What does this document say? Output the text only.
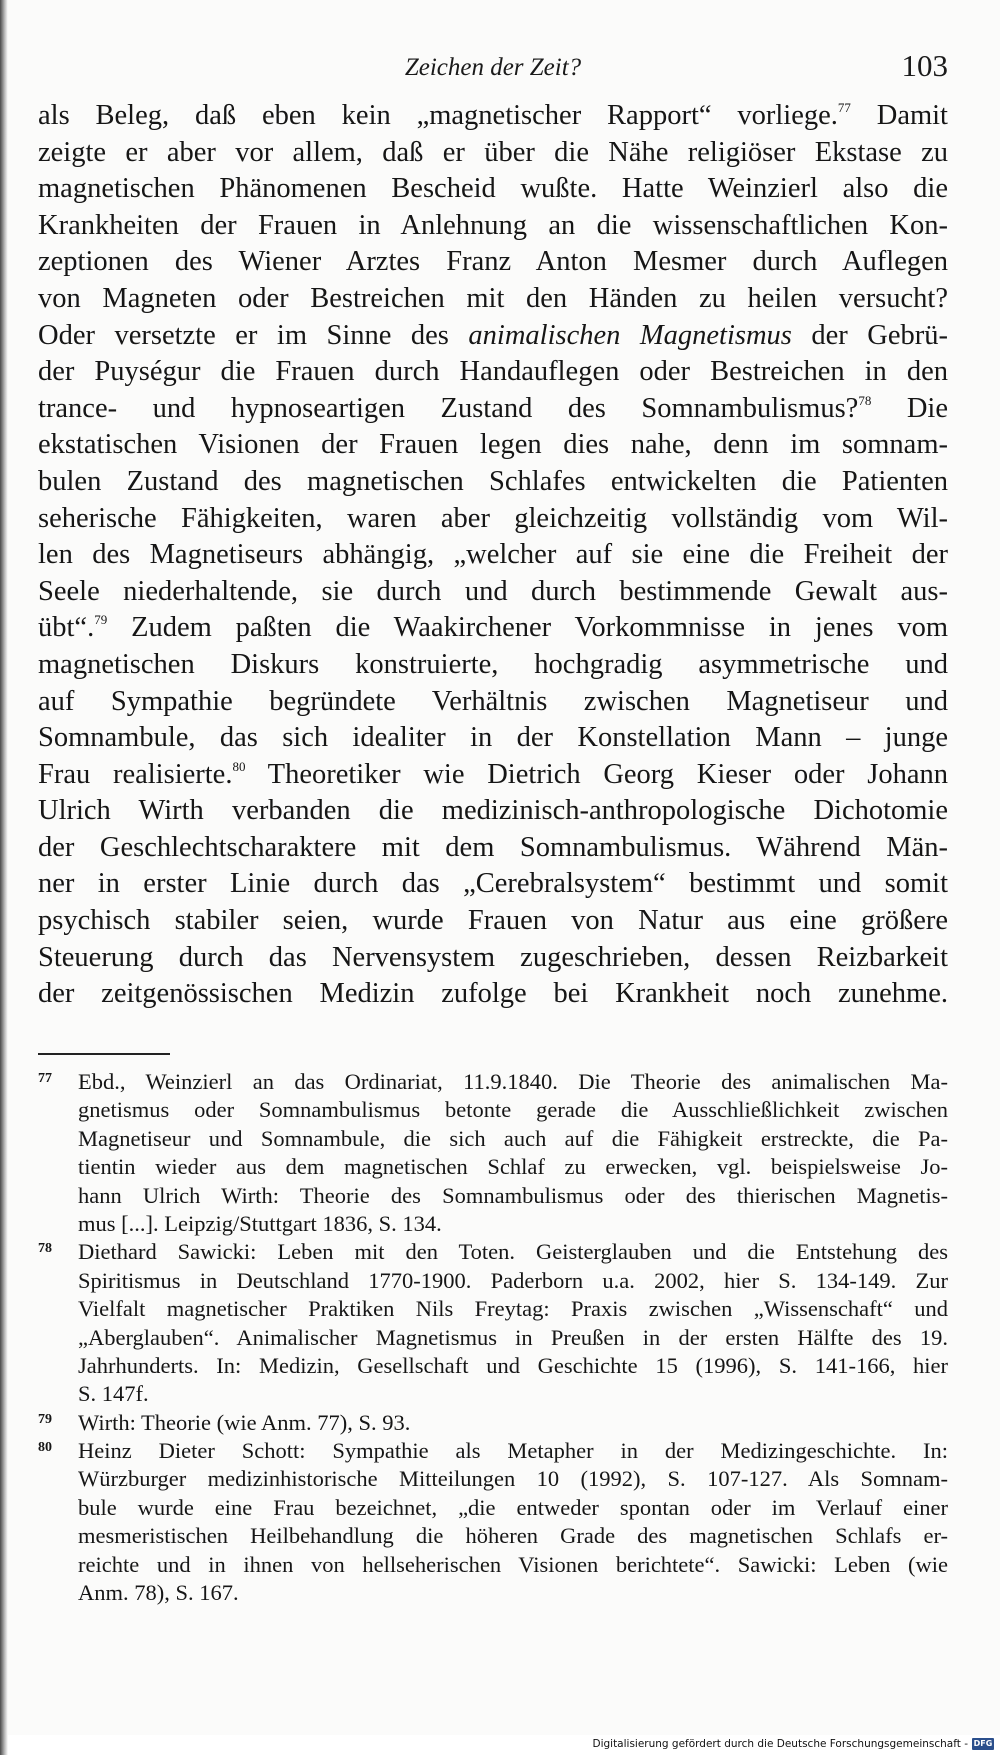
Zeichen der Zeit?	103
als Beleg, daß eben kein „magnetischer Rapport“ vorliege.$^{77}$ Damit
zeigte er aber vor allem, daß er über die Nähe religiöser Ekstase zu
magnetischen Phänomenen Bescheid wußte. Hatte Weinzierl also die
Krankheiten der Frauen in Anlehnung an die wissenschaftlichen Kon-
zeptionen des Wiener Arztes Franz Anton Mesmer durch Auflegen
von Magneten oder Bestreichen mit den Händen zu heilen versucht?
Oder versetzte er im Sinne des animalischen Magnetismus der Gebrü-
der Puységur die Frauen durch Handauflegen oder Bestreichen in den
trance- und hypnoseartigen Zustand des Somnambulismus?$^{78}$ Die
ekstatischen Visionen der Frauen legen dies nahe, denn im somnam-
bulen Zustand des magnetischen Schlafes entwickelten die Patienten
seherische Fähigkeiten, waren aber gleichzeitig vollständig vom Wil-
len des Magnetiseurs abhängig, „welcher auf sie eine die Freiheit der
Seele niederhaltende, sie durch und durch bestimmende Gewalt aus-
übt“.$^{79}$ Zudem paßten die Waakirchener Vorkommnisse in jenes vom
magnetischen Diskurs konstruierte, hochgradig asymmetrische und
auf Sympathie begründete Verhältnis zwischen Magnetiseur und
Somnambule, das sich idealiter in der Konstellation Mann – junge
Frau realisierte.$^{80}$ Theoretiker wie Dietrich Georg Kieser oder Johann
Ulrich Wirth verbanden die medizinisch-anthropologische Dichotomie
der Geschlechtscharaktere mit dem Somnambulismus. Während Män-
ner in erster Linie durch das „Cerebralsystem“ bestimmt und somit
psychisch stabiler seien, wurde Frauen von Natur aus eine größere
Steuerung durch das Nervensystem zugeschrieben, dessen Reizbarkeit
der zeitgenössischen Medizin zufolge bei Krankheit noch zunehme.
77 Ebd., Weinzierl an das Ordinariat, 11.9.1840. Die Theorie des animalischen Ma-
gnetismus oder Somnambulismus betonte gerade die Ausschließlichkeit zwischen
Magnetiseur und Somnambule, die sich auch auf die Fähigkeit erstreckte, die Pa-
tientin wieder aus dem magnetischen Schlaf zu erwecken, vgl. beispielsweise Jo-
hann Ulrich Wirth: Theorie des Somnambulismus oder des thierischen Magnetis-
mus [...]. Leipzig/Stuttgart 1836, S. 134.
78 Diethard Sawicki: Leben mit den Toten. Geisterglauben und die Entstehung des
Spiritismus in Deutschland 1770-1900. Paderborn u.a. 2002, hier S. 134-149. Zur
Vielfalt magnetischer Praktiken Nils Freytag: Praxis zwischen „Wissenschaft“ und
„Aberglauben“. Animalischer Magnetismus in Preußen in der ersten Hälfte des 19.
Jahrhunderts. In: Medizin, Gesellschaft und Geschichte 15 (1996), S. 141-166, hier
S. 147f.
79 Wirth: Theorie (wie Anm. 77), S. 93.
80 Heinz Dieter Schott: Sympathie als Metapher in der Medizingeschichte. In:
Würzburger medizinhistorische Mitteilungen 10 (1992), S. 107-127. Als Somnam-
bule wurde eine Frau bezeichnet, „die entweder spontan oder im Verlauf einer
mesmeristischen Heilbehandlung die höheren Grade des magnetischen Schlafs er-
reichte und in ihnen von hellseherischen Visionen berichtete“. Sawicki: Leben (wie
Anm. 78), S. 167.
Digitalisierung gefördert durch die Deutsche Forschungsgemeinschaft - DFG
